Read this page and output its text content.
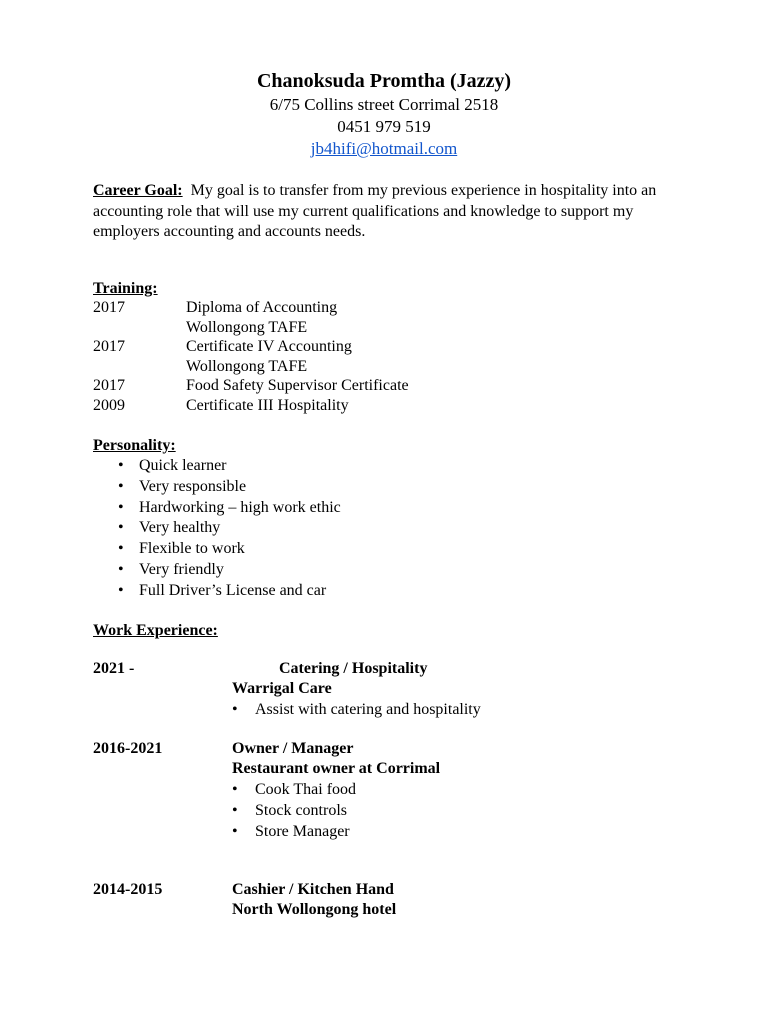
Chanoksuda Promtha (Jazzy)
6/75 Collins street Corrimal 2518
0451 979 519
jb4hifi@hotmail.com
Career Goal: My goal is to transfer from my previous experience in hospitality into an accounting role that will use my current qualifications and knowledge to support my employers accounting and accounts needs.
Training:
2017	Diploma of Accounting
Wollongong TAFE
2017	Certificate IV Accounting
Wollongong TAFE
2017	Food Safety Supervisor Certificate
2009	Certificate III Hospitality
Personality:
• Quick learner
• Very responsible
• Hardworking – high work ethic
• Very healthy
• Flexible to work
• Very friendly
• Full Driver’s License and car
Work Experience:
2021 -	Catering / Hospitality
Warrigal Care
•	Assist with catering and hospitality
2016-2021	Owner / Manager
Restaurant owner at Corrimal
•	Cook Thai food
•	Stock controls
•	Store Manager
2014-2015	Cashier / Kitchen Hand
North Wollongong hotel
